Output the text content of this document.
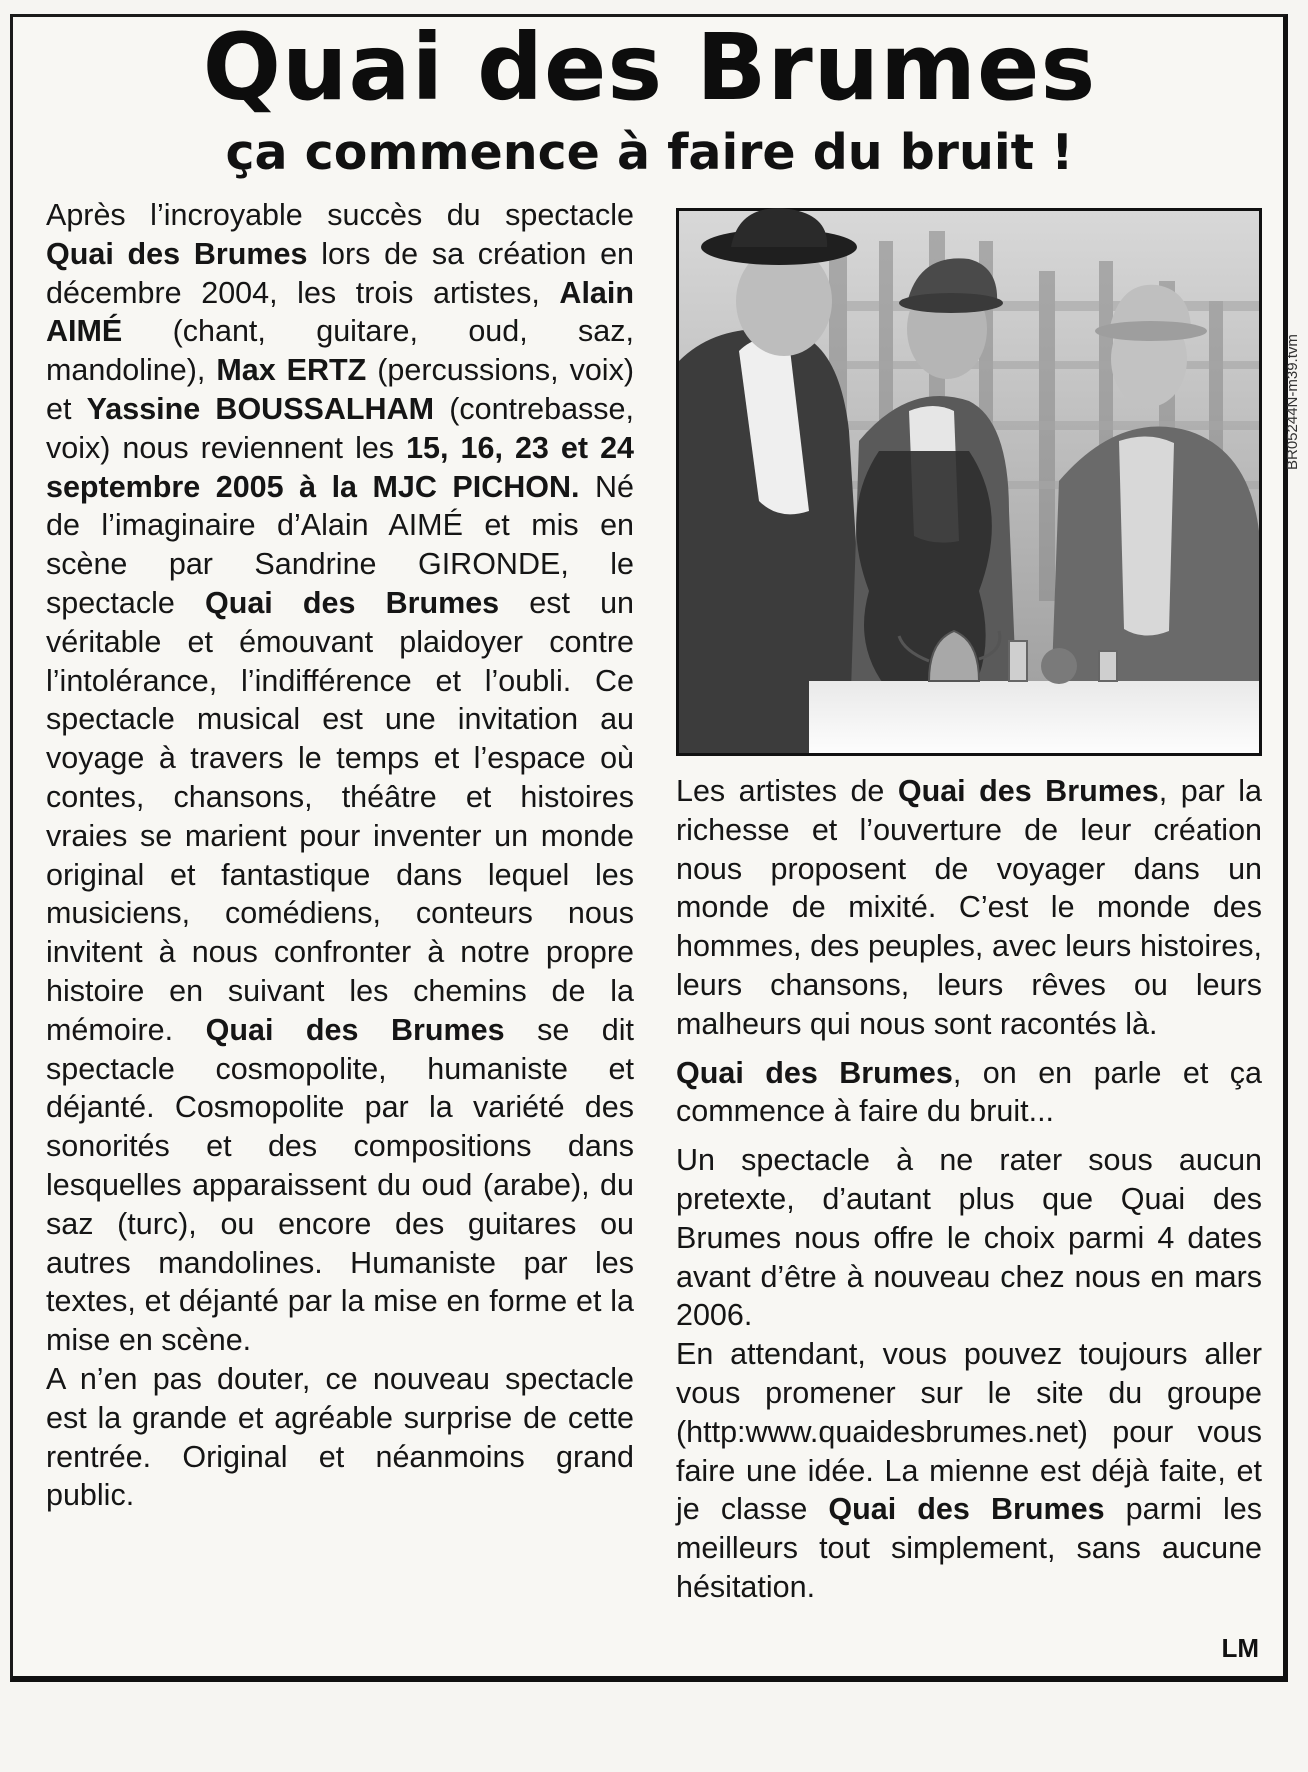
Quai des Brumes
ça commence à faire du bruit !

Après l’incroyable succès du spectacle Quai des Brumes lors de sa création en décembre 2004, les trois artistes, Alain AIMÉ (chant, guitare, oud, saz, mandoline), Max ERTZ (percussions, voix) et Yassine BOUSSALHAM (contrebasse, voix) nous reviennent les 15, 16, 23 et 24 septembre 2005 à la MJC PICHON. Né de l’imaginaire d’Alain AIMÉ et mis en scène par Sandrine GIRONDE, le spectacle Quai des Brumes est un véritable et émouvant plaidoyer contre l’intolérance, l’indifférence et l’oubli. Ce spectacle musical est une invitation au voyage à travers le temps et l’espace où contes, chansons, théâtre et histoires vraies se marient pour inventer un monde original et fantastique dans lequel les musiciens, comédiens, conteurs nous invitent à nous confronter à notre propre histoire en suivant les chemins de la mémoire. Quai des Brumes se dit spectacle cosmopolite, humaniste et déjanté. Cosmopolite par la variété des sonorités et des compositions dans lesquelles apparaissent du oud (arabe), du saz (turc), ou encore des guitares ou autres mandolines. Humaniste par les textes, et déjanté par la mise en forme et la mise en scène.
A n’en pas douter, ce nouveau spectacle est la grande et agréable surprise de cette rentrée. Original et néanmoins grand public.

Les artistes de Quai des Brumes, par la richesse et l’ouverture de leur création nous proposent de voyager dans un monde de mixité. C’est le monde des hommes, des peuples, avec leurs histoires, leurs chansons, leurs rêves ou leurs malheurs qui nous sont racontés là.

Quai des Brumes, on en parle et ça commence à faire du bruit...

Un spectacle à ne rater sous aucun pretexte, d’autant plus que Quai des Brumes nous offre le choix parmi 4 dates avant d’être à nouveau chez nous en mars 2006.
En attendant, vous pouvez toujours aller vous promener sur le site du groupe (http:www.quaidesbrumes.net) pour vous faire une idée. La mienne est déjà faite, et je classe Quai des Brumes parmi les meilleurs tout simplement, sans aucune hésitation.

LM
BR05244N-m39.tvm
